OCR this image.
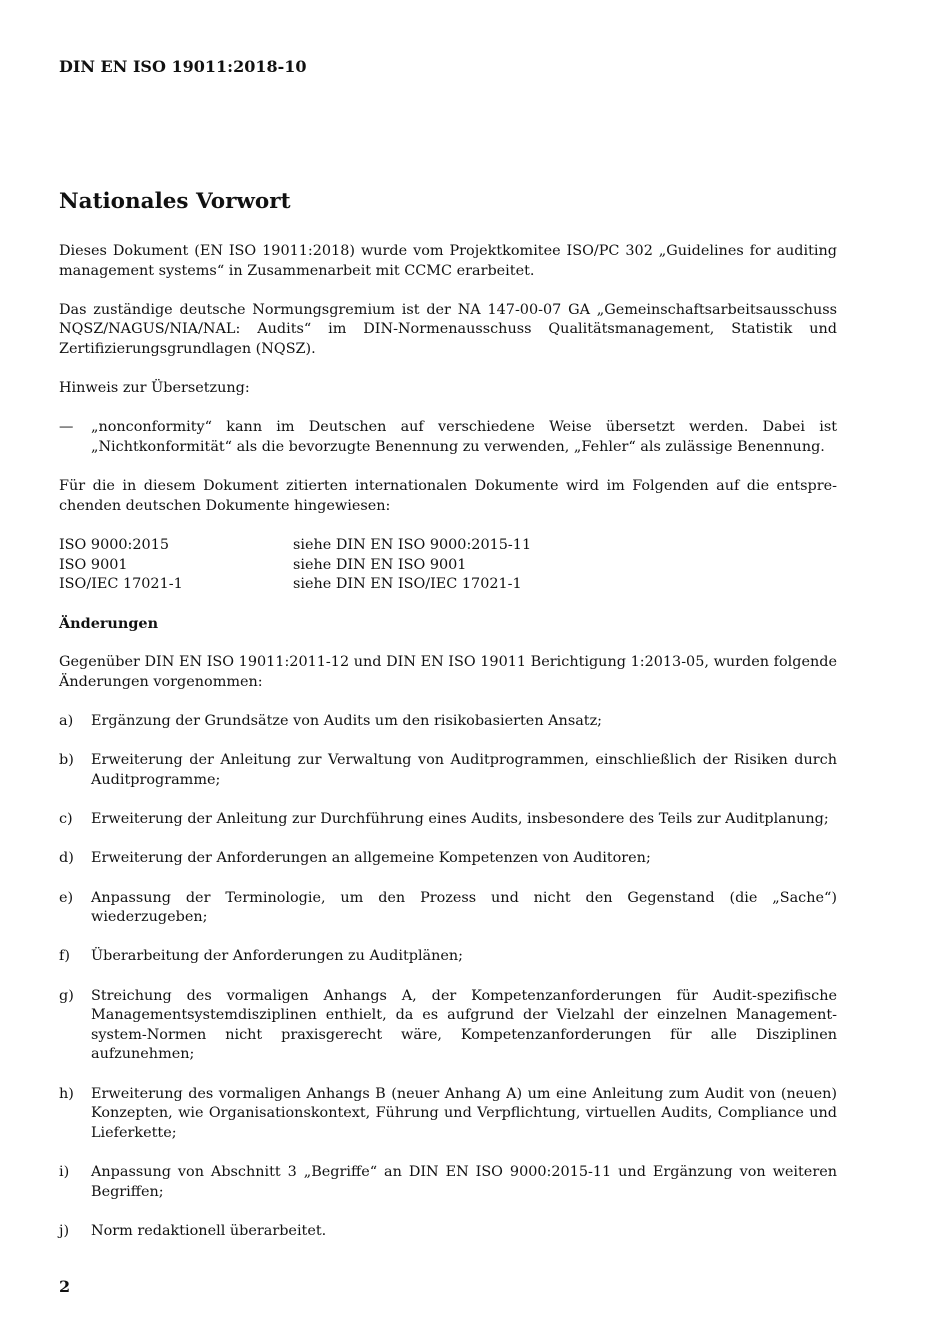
DIN EN ISO 19011:2018-10
Nationales Vorwort

Dieses Dokument (EN ISO 19011:2018) wurde vom Projektkomitee ISO/PC 302 „Guidelines for auditing management systems“ in Zusammenarbeit mit CCMC erarbeitet.

Das zuständige deutsche Normungsgremium ist der NA 147-00-07 GA „Gemeinschaftsarbeitsausschuss NQSZ/NAGUS/NIA/NAL: Audits“ im DIN-Normenausschuss Qualitätsmanagement, Statistik und Zertifizierungsgrundlagen (NQSZ).

Hinweis zur Übersetzung:

—	„nonconformity“ kann im Deutschen auf verschiedene Weise übersetzt werden. Dabei ist „Nichtkonformität“ als die bevorzugte Benennung zu verwenden, „Fehler“ als zulässige Benennung.

Für die in diesem Dokument zitierten internationalen Dokumente wird im Folgenden auf die entsprechenden deutschen Dokumente hingewiesen:

ISO 9000:2015	siehe DIN EN ISO 9000:2015-11
ISO 9001	siehe DIN EN ISO 9001
ISO/IEC 17021-1	siehe DIN EN ISO/IEC 17021-1
Änderungen

Gegenüber DIN EN ISO 19011:2011-12 und DIN EN ISO 19011 Berichtigung 1:2013-05, wurden folgende Änderungen vorgenommen:

a)	Ergänzung der Grundsätze von Audits um den risikobasierten Ansatz;
b)	Erweiterung der Anleitung zur Verwaltung von Auditprogrammen, einschließlich der Risiken durch Auditprogramme;
c)	Erweiterung der Anleitung zur Durchführung eines Audits, insbesondere des Teils zur Auditplanung;
d)	Erweiterung der Anforderungen an allgemeine Kompetenzen von Auditoren;
e)	Anpassung der Terminologie, um den Prozess und nicht den Gegenstand (die „Sache“) wiederzugeben;
f)	Überarbeitung der Anforderungen zu Auditplänen;
g)	Streichung des vormaligen Anhangs A, der Kompetenzanforderungen für Audit-spezifische Managementsystemdisziplinen enthielt, da es aufgrund der Vielzahl der einzelnen Managementsystem-Normen nicht praxisgerecht wäre, Kompetenzanforderungen für alle Disziplinen aufzunehmen;
h)	Erweiterung des vormaligen Anhangs B (neuer Anhang A) um eine Anleitung zum Audit von (neuen) Konzepten, wie Organisationskontext, Führung und Verpflichtung, virtuellen Audits, Compliance und Lieferkette;
i)	Anpassung von Abschnitt 3 „Begriffe“ an DIN EN ISO 9000:2015-11 und Ergänzung von weiteren Begriffen;
j)	Norm redaktionell überarbeitet.
2
